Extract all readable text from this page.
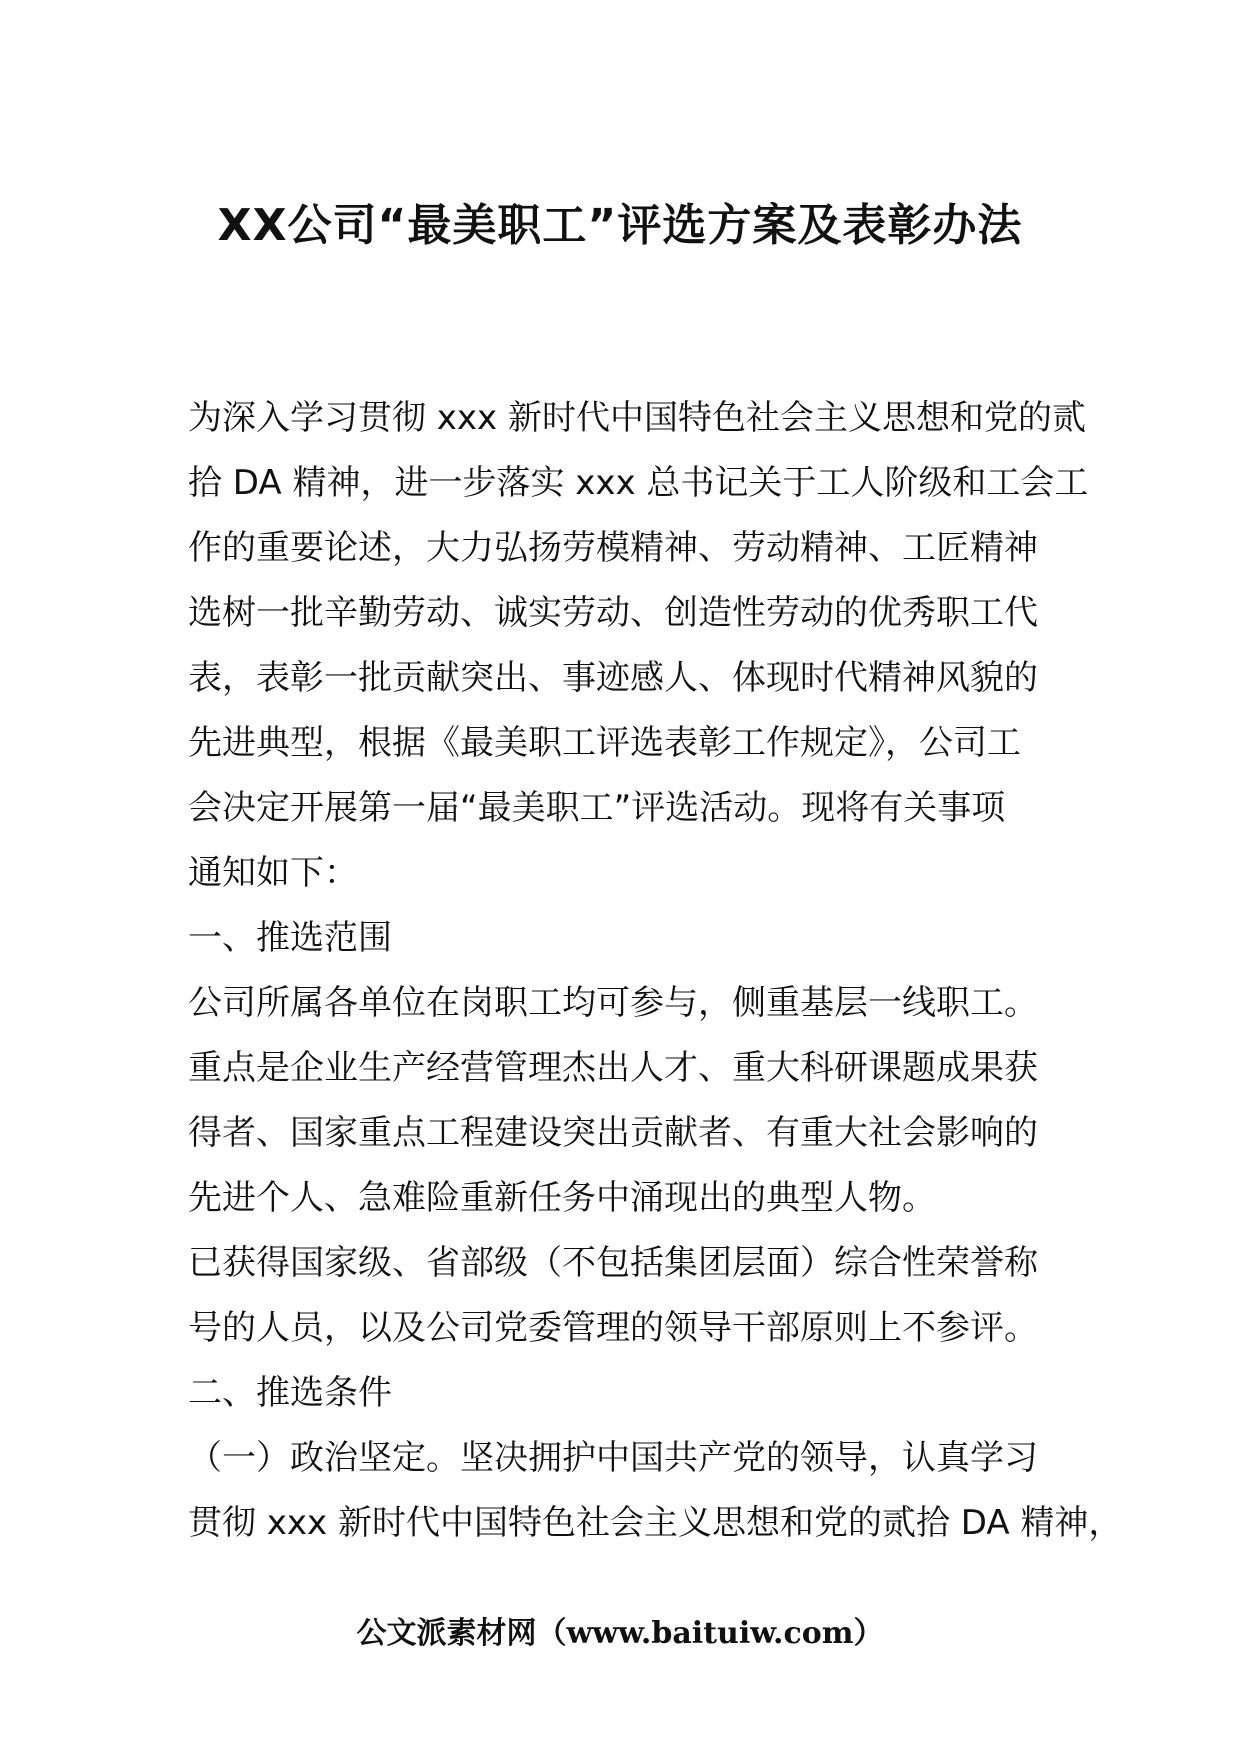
XX公司“最美职工”评选方案及表彰办法
为深入学习贯彻 xxx 新时代中国特色社会主义思想和党的贰
拾 DA 精神，进一步落实 xxx 总书记关于工人阶级和工会工
作的重要论述，大力弘扬劳模精神、劳动精神、工匠精神
选树一批辛勤劳动、诚实劳动、创造性劳动的优秀职工代
表，表彰一批贡献突出、事迹感人、体现时代精神风貌的
先进典型，根据《最美职工评选表彰工作规定》，公司工
会决定开展第一届“最美职工”评选活动。现将有关事项
通知如下：
一、推选范围
公司所属各单位在岗职工均可参与，侧重基层一线职工。
重点是企业生产经营管理杰出人才、重大科研课题成果获
得者、国家重点工程建设突出贡献者、有重大社会影响的
先进个人、急难险重新任务中涌现出的典型人物。
已获得国家级、省部级（不包括集团层面）综合性荣誉称
号的人员，以及公司党委管理的领导干部原则上不参评。
二、推选条件
（一）政治坚定。坚决拥护中国共产党的领导，认真学习
贯彻 xxx 新时代中国特色社会主义思想和党的贰拾 DA 精神，
公文派素材网（www.baituiw.com）
